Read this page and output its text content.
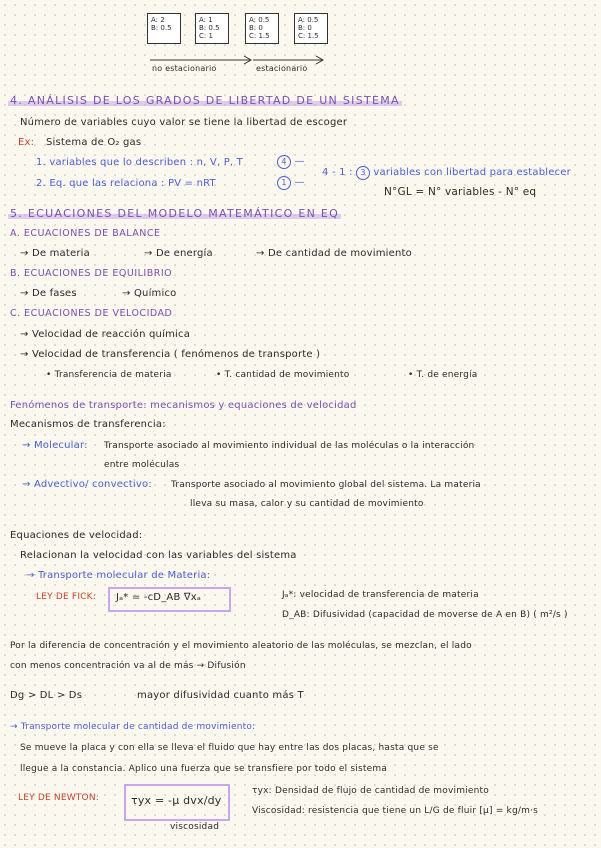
A: 2
B: 0.5
A: 1
B: 0.5
C: 1
A: 0.5
B: 0
C: 1.5
A: 0.5
B: 0
C: 1.5
no estacionario	estacionario
4. ANÁLISIS DE LOS GRADOS DE LIBERTAD DE UN SISTEMA
Número de variables cuyo valor se tiene la libertad de escoger
Ex: Sistema de O₂ gas
1. variables que lo describen : n, V, P, T
2. Eq. que las relaciona : PV = nRT
4 —
1 —
4 - 1 : 3 variables con libertad para establecer
N°GL = N° variables - N° eq
5. ECUACIONES DEL MODELO MATEMÁTICO EN EQ
A. ECUACIONES DE BALANCE
→ De materia	→ De energía	→ De cantidad de movimiento
B. ECUACIONES DE EQUILIBRIO
→ De fases	→ Químico
C. ECUACIONES DE VELOCIDAD
→ Velocidad de reacción química
→ Velocidad de transferencia ( fenómenos de transporte )
• Transferencia de materia	• T. cantidad de movimiento	• T. de energía
Fenómenos de transporte: mecanismos y equaciones de velocidad
Mecanismos de transferencia:
→ Molecular: Transporte asociado al movimiento individual de las moléculas o la interacción
entre moléculas
→ Advectivo/ convectivo: Transporte asociado al movimiento global del sistema. La materia
lleva su masa, calor y su cantidad de movimiento
Equaciones de velocidad:
Relacionan la velocidad con las variables del sistema
→ Transporte molecular de Materia:
LEY DE FICK: Jₐ* = -cD_AB ∇xₐ	Jₐ*: velocidad de transferencia de materia
D_AB: Difusividad (capacidad de moverse de A en B) ( m²/s )
Por la diferencia de concentración y el movimiento aleatorio de las moléculas, se mezclan, el lado
con menos concentración va al de más → Difusión
Dg > DL > Ds	mayor difusividad cuanto más T
→ Transporte molecular de cantidad de movimiento:
Se mueve la placa y con ella se lleva el fluido que hay entre las dos placas, hasta que se
llegue a la constancia. Aplico una fuerza que se transfiere por todo el sistema
LEY DE NEWTON:	τyx = -μ dvx/dy
viscosidad
τyx: Densidad de flujo de cantidad de movimiento
Viscosidad: resistencia que tiene un L/G de fluir [μ] = kg/m·s
